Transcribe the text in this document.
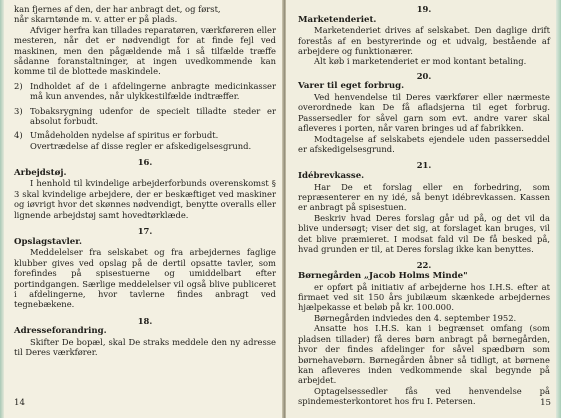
kan fjernes af den, der har anbragt det, og først,

når skarntønde m. v. atter er på plads.

Afviger herfra kan tillades reparatøren, værkføreren eller mesteren, når det er nødvendigt for at finde fejl ved maskinen, men den pågældende må i så tilfælde træffe sådanne foranstaltninger, at ingen uvedkommende kan komme til de blottede maskindele.

2) Indholdet af de i afdelingerne anbragte medicinkasser må kun anvendes, når ulykkestilfælde indtræffer.
3) Tobaksrygning udenfor de specielt tilladte steder er absolut forbudt.
4) Umådeholden nydelse af spiritus er forbudt.

Overtrædelse af disse regler er afskedigelsesgrund.

16.
Arbejdstøj.

I henhold til kvindelige arbejderforbunds overenskomst § 3 skal kvindelige arbejdere, der er beskæftiget ved maskiner og iøvrigt hvor det skønnes nødvendigt, benytte overalls eller lignende arbejdstøj samt hovedtørklæde.

17.
Opslagstavler.

Meddelelser fra selskabet og fra arbejdernes faglige klubber gives ved opslag på de dertil opsatte tavler, som forefindes på spisestuerne og umiddelbart efter portindgangen. Særlige meddelelser vil også blive publiceret i afdelingerne, hvor tavlerne findes anbragt ved tegnebækene.

18.
Adresseforandring.

Skifter De bopæl, skal De straks meddele den ny adresse til Deres værkfører.

14
19.
Marketenderiet.

Marketenderiet drives af selskabet. Den daglige drift forestås af en bestyrerinde og et udvalg, bestående af arbejdere og funktionærer.

Alt køb i marketenderiet er mod kontant betaling.

20.
Varer til eget forbrug.

Ved henvendelse til Deres værkfører eller nærmeste overordnede kan De få afladsjerna til eget forbrug. Passersedler for såvel garn som evt. andre varer skal afleveres i porten, når varen bringes ud af fabrikken.

Modtagelse af selskabets ejendele uden passerseddel er afskedigelsesgrund.

21.
Idébrevkasse.

Har De et forslag eller en forbedring, som repræsenterer en ny idé, så benyt idébrevkassen. Kassen er anbragt på spisestuen.

Beskriv hvad Deres forslag går ud på, og det vil da blive undersøgt; viser det sig, at forslaget kan bruges, vil det blive præmieret. I modsat fald vil De få besked på, hvad grunden er til, at Deres forslag ikke kan benyttes.

22.
Børnegården „Jacob Holms Minde"

er opført på initiativ af arbejderne hos I.H.S. efter at firmaet ved sit 150 års jubilæum skænkede arbejdernes hjælpekasse et beløb på kr. 100.000.

Børnegården indviedes den 4. september 1952.

Ansatte hos I.H.S. kan i begrænset omfang (som pladsen tillader) få deres børn anbragt på børnegården, hvor der findes afdelinger for såvel spædbørn som børnehavebørn. Børnegården åbner så tidligt, at børnene kan afleveres inden vedkommende skal begynde på arbejdet.

Optagelsessedler fås ved henvendelse på spindemesterkontoret hos fru I. Petersen.	15
